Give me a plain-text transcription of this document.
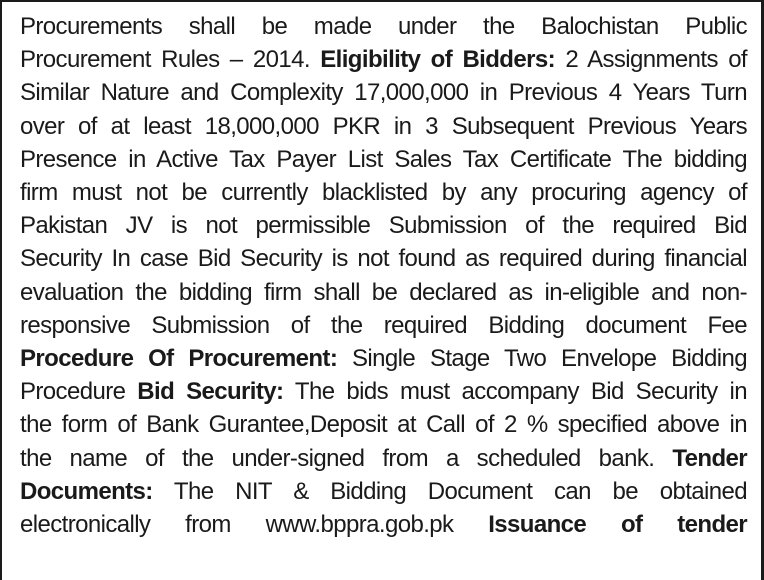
Procurements shall be made under the Balochistan Public
Procurement Rules – 2014. Eligibility of Bidders: 2 Assignments of
Similar Nature and Complexity 17,000,000 in Previous 4 Years Turn
over of at least 18,000,000 PKR in 3 Subsequent Previous Years
Presence in Active Tax Payer List Sales Tax Certificate The bidding
firm must not be currently blacklisted by any procuring agency of
Pakistan JV is not permissible Submission of the required Bid
Security In case Bid Security is not found as required during financial
evaluation the bidding firm shall be declared as in-eligible and non-
responsive Submission of the required Bidding document Fee
Procedure Of Procurement: Single Stage Two Envelope Bidding
Procedure Bid Security: The bids must accompany Bid Security in
the form of Bank Gurantee,Deposit at Call of 2 % specified above in
the name of the under-signed from a scheduled bank. Tender
Documents: The NIT & Bidding Document can be obtained
electronically from www.bppra.gob.pk Issuance of tender
